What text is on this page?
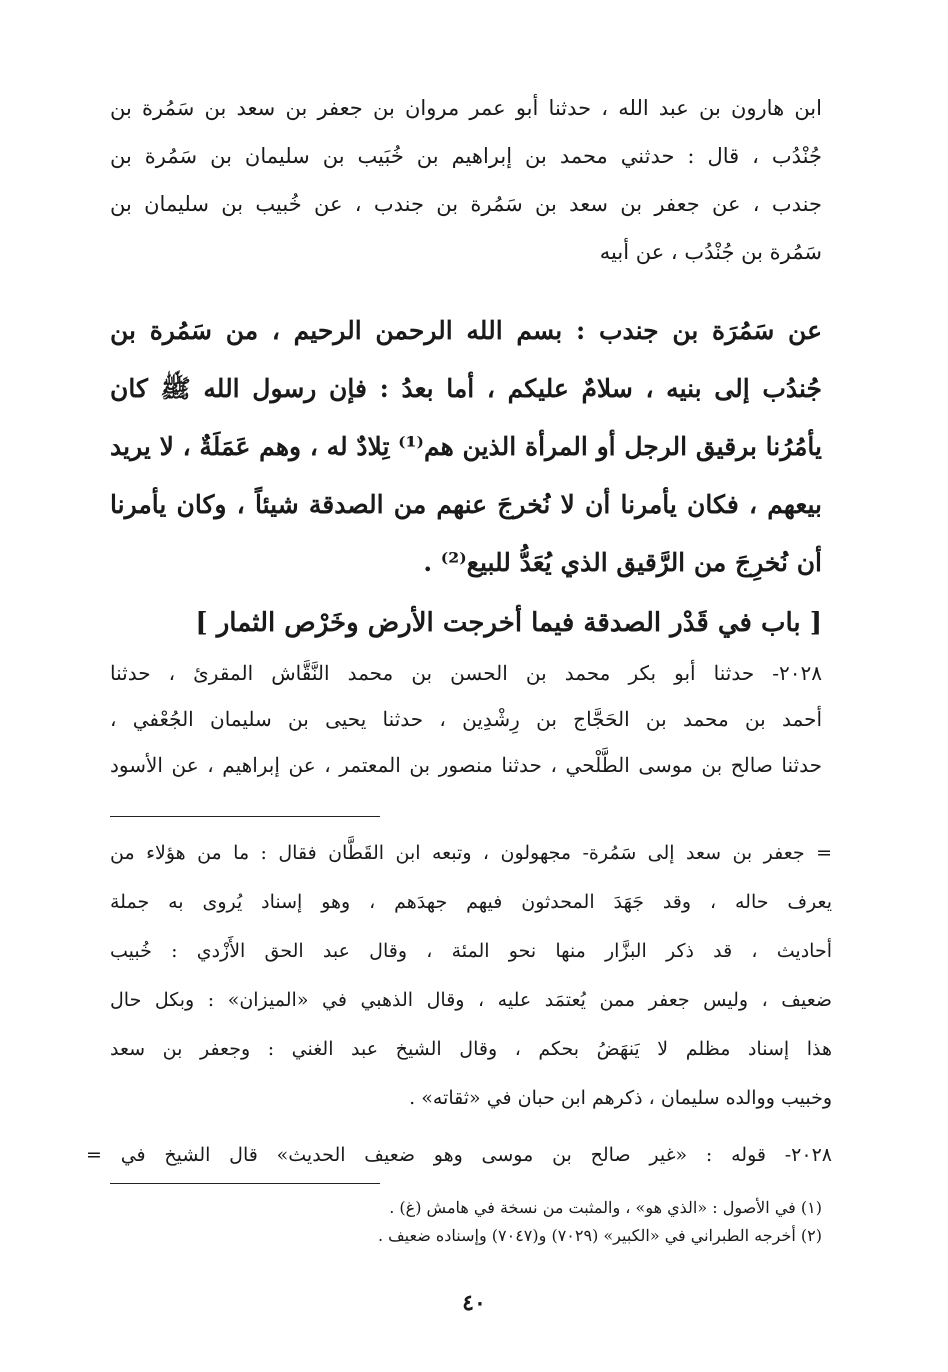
ابن هارون بن عبد الله ، حدثنا أبو عمر مروان بن جعفر بن سعد بن سَمُرة بن
جُنْدُب ، قال : حدثني محمد بن إبراهيم بن خُبَيب بن سليمان بن سَمُرة بن
جندب ، عن جعفر بن سعد بن سَمُرة بن جندب ، عن خُبيب بن سليمان بن
سَمُرة بن جُنْدُب ، عن أبيه
عن سَمُرَة بن جندب : بسم الله الرحمن الرحيم ، من سَمُرة بن
جُندُب إلى بنيه ، سلامٌ عليكم ، أما بعدُ : فإن رسول الله ﷺ كان
يأمُرُنا برقيق الرجل أو المرأة الذين هم⁽¹⁾ تِلادٌ له ، وهم عَمَلَةٌ ، لا يريد
بيعهم ، فكان يأمرنا أن لا نُخرجَ عنهم من الصدقة شيئاً ، وكان يأمرنا
أن نُخرِجَ من الرَّقيق الذي يُعَدُّ للبيع⁽²⁾ .
[ باب في قَدْر الصدقة فيما أخرجت الأرض وخَرْص الثمار ]
٢٠٢٨- حدثنا أبو بكر محمد بن الحسن بن محمد النَّقَّاش المقرئ ، حدثنا
أحمد بن محمد بن الحَجَّاج بن رِشْدِين ، حدثنا يحيى بن سليمان الجُعْفي ،
حدثنا صالح بن موسى الطَّلْحي ، حدثنا منصور بن المعتمر ، عن إبراهيم ، عن الأسود
= جعفر بن سعد إلى سَمُرة- مجهولون ، وتبعه ابن القَطَّان فقال : ما من هؤلاء من
يعرف حاله ، وقد جَهَدَ المحدثون فيهم جهدَهم ، وهو إسناد يُروى به جملة
أحاديث ، قد ذكر البزَّار منها نحو المئة ، وقال عبد الحق الأَزْدي : خُبيب
ضعيف ، وليس جعفر ممن يُعتمَد عليه ، وقال الذهبي في «الميزان» : وبكل حال
هذا إسناد مظلم لا يَنهَضُ بحكم ، وقال الشيخ عبد الغني : وجعفر بن سعد
وخبيب ووالده سليمان ، ذكرهم ابن حبان في «ثقاته» .
٢٠٢٨- قوله : «غير صالح بن موسى وهو ضعيف الحديث» قال الشيخ في =
(١) في الأصول : «الذي هو» ، والمثبت من نسخة في هامش (غ) .
(٢) أخرجه الطبراني في «الكبير» (٧٠٢٩) و(٧٠٤٧) وإسناده ضعيف .
٤٠
